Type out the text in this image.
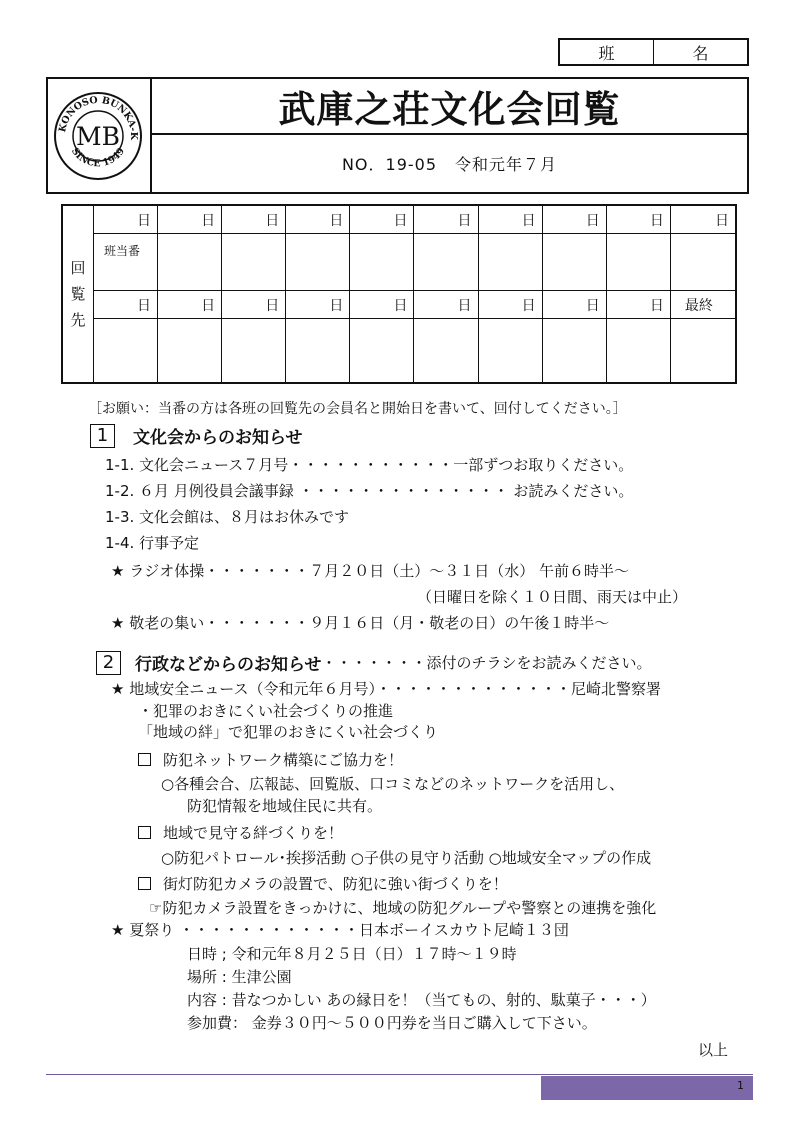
班	名
KONOSO BUNKA-K
SINCE 1949
MB
武庫之荘文化会回覧
NO．19-05 令和元年７月
回
覧
先
日	日	日	日	日	日	日	日	日	日
班当番
日	日	日	日	日	日	日	日	日	最終
［お願い：当番の方は各班の回覧先の会員名と開始日を書いて、回付してください。］
1	文化会からのお知らせ
1-1. 文化会ニュース７月号・・・・・・・・・・・一部ずつお取りください。
1-2. ６月 月例役員会議事録 ・・・・・・・・・・・・・・ お読みください。
1-3. 文化会館は、８月はお休みです
1-4. 行事予定
★ ラジオ体操・・・・・・・７月２０日（土）～３１日（水） 午前６時半～
（日曜日を除く１０日間、雨天は中止）
★ 敬老の集い・・・・・・・９月１６日（月・敬老の日）の午後１時半～
2	行政などからのお知らせ ・・・・・・・添付のチラシをお読みください。
★ 地域安全ニュース（令和元年６月号）・・・・・・・・・・・・・尼崎北警察署
・犯罪のおきにくい社会づくりの推進
「地域の絆」で犯罪のおきにくい社会づくり
防犯ネットワーク構築にご協力を！
○各種会合、広報誌、回覧版、口コミなどのネットワークを活用し、
防犯情報を地域住民に共有。
地域で見守る絆づくりを！
○防犯パトロール･挨拶活動 ○子供の見守り活動 ○地域安全マップの作成
街灯防犯カメラの設置で、防犯に強い街づくりを！
☞防犯カメラ設置をきっかけに、地域の防犯グループや警察との連携を強化
★ 夏祭り ・・・・・・・・・・・・日本ボーイスカウト尼崎１３団
日時 ; 令和元年８月２５日（日）１７時～１９時
場所 : 生津公園
内容 : 昔なつかしい あの縁日を！（当てもの、射的、駄菓子・・・）
参加費： 金券３０円～５００円券を当日ご購入して下さい。
以上
1
